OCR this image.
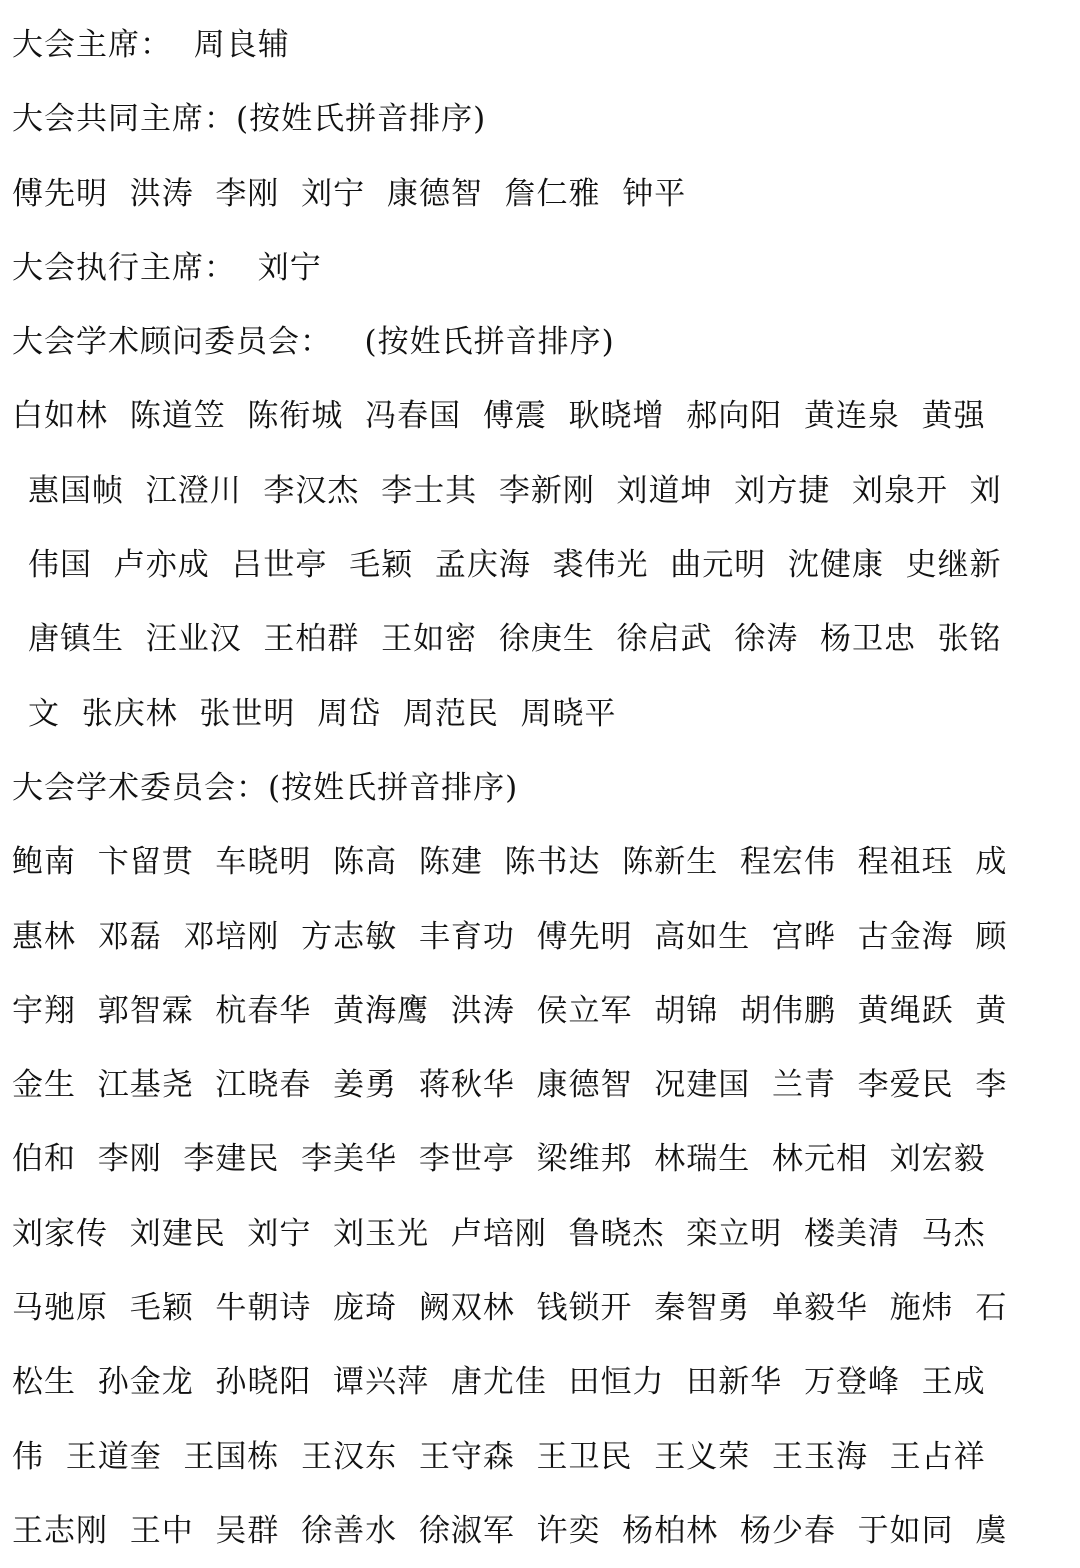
大会主席：  周良辅
大会共同主席：(按姓氏拼音排序)
傅先明  洪涛  李刚  刘宁  康德智  詹仁雅  钟平
大会执行主席：  刘宁
大会学术顾问委员会：   (按姓氏拼音排序)
白如林  陈道笠  陈衔城  冯春国  傅震  耿晓增  郝向阳  黄连泉  黄强
惠国帧  江澄川  李汉杰  李士其  李新刚  刘道坤  刘方捷  刘泉开  刘
伟国  卢亦成  吕世亭  毛颖  孟庆海  裘伟光  曲元明  沈健康  史继新
唐镇生  汪业汉  王柏群  王如密  徐庚生  徐启武  徐涛  杨卫忠  张铭
文  张庆林  张世明  周岱  周范民  周晓平
大会学术委员会：(按姓氏拼音排序)
鲍南  卞留贯  车晓明  陈高  陈建  陈书达  陈新生  程宏伟  程祖珏  成
惠林  邓磊  邓培刚  方志敏  丰育功  傅先明  高如生  宫晔  古金海  顾
宇翔  郭智霖  杭春华  黄海鹰  洪涛  侯立军  胡锦  胡伟鹏  黄绳跃  黄
金生  江基尧  江晓春  姜勇  蒋秋华  康德智  况建国  兰青  李爱民  李
伯和  李刚  李建民  李美华  李世亭  梁维邦  林瑞生  林元相  刘宏毅
刘家传  刘建民  刘宁  刘玉光  卢培刚  鲁晓杰  栾立明  楼美清  马杰
马驰原  毛颖  牛朝诗  庞琦  阙双林  钱锁开  秦智勇  单毅华  施炜  石
松生  孙金龙  孙晓阳  谭兴萍  唐尤佳  田恒力  田新华  万登峰  王成
伟  王道奎  王国栋  王汉东  王守森  王卫民  王义荣  王玉海  王占祥
王志刚  王中  吴群  徐善水  徐淑军  许奕  杨柏林  杨少春  于如同  虞
